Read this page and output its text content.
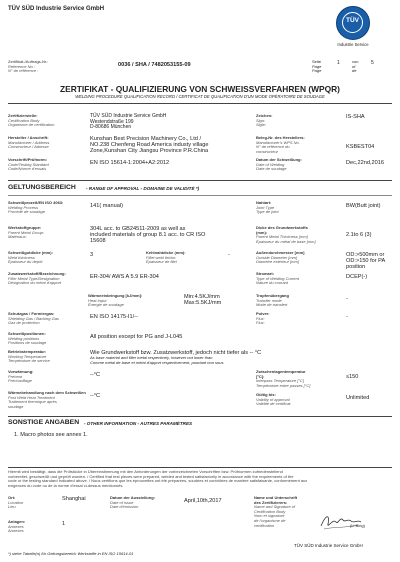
TÜV SÜD Industrie Service GmbH
TÜV
Industrie Service
Zertifikat-/Auftrags-Nr.:
Reference No.:
N° de référence :
0036 / SHA / 7482053155-09
Seite
Page
Page
1	von
of
de
5
ZERTIFIKAT - QUALIFIZIERUNG VON SCHWEISSVERFAHREN (WPQR)
WELDING PROCEDURE QUALIFICATION RECORD / CERTIFICAT DE QUALIFICATION D'UN MODE OPÉRATOIRE DE SOUDAGE
Zertifizierstelle:
Certification Body
Organisme de certification
TÜV SÜD Industrie Service GmbH
Westendstraße 199
D-80686 München
Zeichen:
Sign:
Sigle:
IS-SHA
Hersteller / Anschrift:
Manufacturer / Address
Constructeur / Adresse
Kunshan Best Precision Machinery Co., Ltd /
NO.238 Chenfeng Road America industy village
Zone,Kunshan City Jiangsu Province P.R.China
Beleg-Nr. des Herstellers:
Manufacturer's WPS No.
N° de référence du
constructeur
KSBEST04
Vorschrift/Prüfnorm:
Code/Testing Standard
Code/Norme d'essais
EN ISO 15614-1:2004+A2:2012
Datum der Schweißung:
Date of Welding
Date de soudage
Dec,22nd,2016
GELTUNGSBEREICH - RANGE OF APPROVAL - DOMAINE DE VALIDITÉ *)
Schweißprozeß/EN ISO 4063:
Welding Process
Procédé de soudage
141( manual)
Nahtart:
Joint Type
Type de joint
BW(Butt joint)
Werkstoffgruppe:
Parent Metal Group:
Matériaux:
304L acc. to GB24511-2009 as well as
included materials of group 8.1 acc. to CR ISO
15608
Dicke des Grundwerkstoffs
(mm):
Parent Metal Thickness [mm]
Épaisseur du métal de base [mm]
2.1to 6 (3)
Schweißgutdicke (mm):
Weld thickness
Épaisseur du dépôt
3	Kehlnahtdicke (mm):
Fillet weld thickn.
Épaisseur de filet
-	Außendurchmesser [mm]
Outside Diameter [mm]
Diamètre extérieur [mm]
OD:>500mm or
OD:>150 for PA
position
Zusatzwerkstoff/Bezeichnung:
Filler Metal Type/Designation
Désignation du métal d'apport
ER-304/ AWS A 5.9 ER-304
Stromart:
Type of Welding Current
Nature du courant
DCEP(-)
Wärmeeinbringung [kJ/mm]:
Heat Input
Énergie de soudage
Min:4.5KJ/mm
Max:5.5KJ/mm
Tropfenübergang
Transfer mode
Mode de transfert
-
Schutzgas / Formiergas:
Shielding Gas / Backing Gas
Gaz de protection
EN ISO 14175-I1/--
Pulver:
Flux:
Flux:
-
Schweißpositionen:
Welding positions
Positions de soudage
All position except for PG and J-L045
Betriebstemperatur:
Working Temperature
Température de service
Wie Grundwerkstoff bzw. Zusatzwerkstoff, jedoch nicht tiefer als -- °C
As base material and filler metal respectively, however not lower than
Comme métal de base et métal d'apport respectivement, pourtant non sous
Vorwärmung:
Preheat
Préchauffage
--°C
Zwischenlagentemperatur
[°C]:
Interpass Temperature [°C]
Température entre passes [°C]
≤150
Wärmebehandlung nach dem Schweißen
Post Weld Heat Treatment
Traitement thermique après
soudage
--°C	Gültig bis:
Validity of approval
Validité de certificat
Unlimited
SONSTIGE ANGABEN - OTHER INFORMATION - AUTRES PARAMÈTRES
1. Macro photos see annex 1.
Hiermit wird bestätigt, dass die Prüfstücke in Übereinstimmung mit den Anforderungen der vorbezeichneten Vorschriften bzw. Prüfnormen zufriedenstellend
vorbereitet, geschweißt und geprüft wurden. / Certified that test pieces were prepared, welded and tested satisfactorily in accordance with the requirements of the
code or the testing standard indicated above. / Nous certifions que les éprouvettes ont été préparées, soudées et contrôlées de manière satisfaisante, conformément aux
exigences du code ou de la norme d'essai ci-dessus mentionnés.
Ort:
Location
Lieu
Shanghai	Datum der Ausstellung:
Date of issue
Date d'émission
April,10th,2017
Name und Unterschrift
des Zertifizierers:
Name and Signature of
Certification Body
Nom et signature
de l'organisme de
certification	(Li Bing)
Anlagen:
Annexes
Annexes
1
TÜV SÜD Industrie Service GmbH
*) siehe Tabelle(n) für Geltungsbereich Werkstoffe in EN ISO 15614-01
